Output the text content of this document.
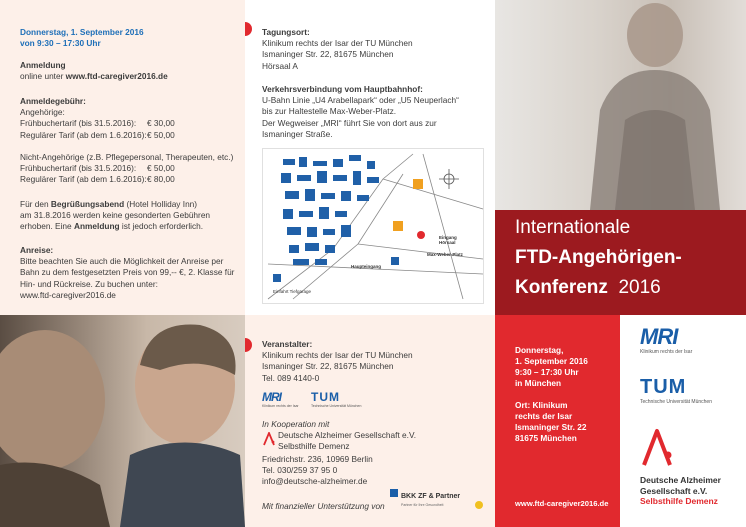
Donnerstag, 1. September 2016
von 9:30 – 17:30 Uhr
Anmeldung
online unter www.ftd-caregiver2016.de
Anmeldegebühr:
Angehörige:
Frühbuchertarif (bis 31.5.2016):	€ 30,00
Regulärer Tarif (ab dem 1.6.2016): € 50,00
Nicht-Angehörige (z.B. Pflegepersonal, Therapeuten, etc.)
Frühbuchertarif (bis 31.5.2016):	€ 50,00
Regulärer Tarif (ab dem 1.6.2016): € 80,00
Für den Begrüßungsabend (Hotel Holliday Inn)
am 31.8.2016 werden keine gesonderten Gebühren
erhoben. Eine Anmeldung ist jedoch erforderlich.
Anreise:
Bitte beachten Sie auch die Möglichkeit der Anreise per
Bahn zu dem festgesetzten Preis von 99,-- €, 2. Klasse für
Hin- und Rückreise. Zu buchen unter:
www.ftd-caregiver2016.de
Tagungsort:
Klinikum rechts der Isar der TU München
Ismaninger Str. 22, 81675 München
Hörsaal A
Verkehrsverbindung vom Hauptbahnhof:
U-Bahn Linie „U4 Arabellapark“ oder „U5 Neuperlach“
bis zur Haltestelle Max-Weber-Platz.
Der Wegweiser „MRI“ führt Sie von dort aus zur
Ismaninger Straße.
Eingang
Hörsaal
Max-Weber-Platz
Haupteingang
Einfahrt Tiefgarage
Internationale
FTD-Angehörigen-
Konferenz 2016
Veranstalter:
Klinikum rechts der Isar der TU München
Ismaninger Str. 22, 81675 München
Tel. 089 4140-0
MRI
Klinikum rechts der Isar
TUM
Technische Universität München
In Kooperation mit
Deutsche Alzheimer Gesellschaft e.V.
Selbsthilfe Demenz
Friedrichstr. 236, 10969 Berlin
Tel. 030/259 37 95 0
info@deutsche-alzheimer.de
Mit finanzieller Unterstützung von
BKK ZF & Partner
Partner für Ihre Gesundheit
Donnerstag,
1. September 2016
9:30 – 17:30 Uhr
in München
Ort: Klinikum
rechts der Isar
Ismaninger Str. 22
81675 München
www.ftd-caregiver2016.de
MRI
Klinikum rechts der Isar
TUM
Technische Universität München
Deutsche Alzheimer
Gesellschaft e.V.
Selbsthilfe Demenz
